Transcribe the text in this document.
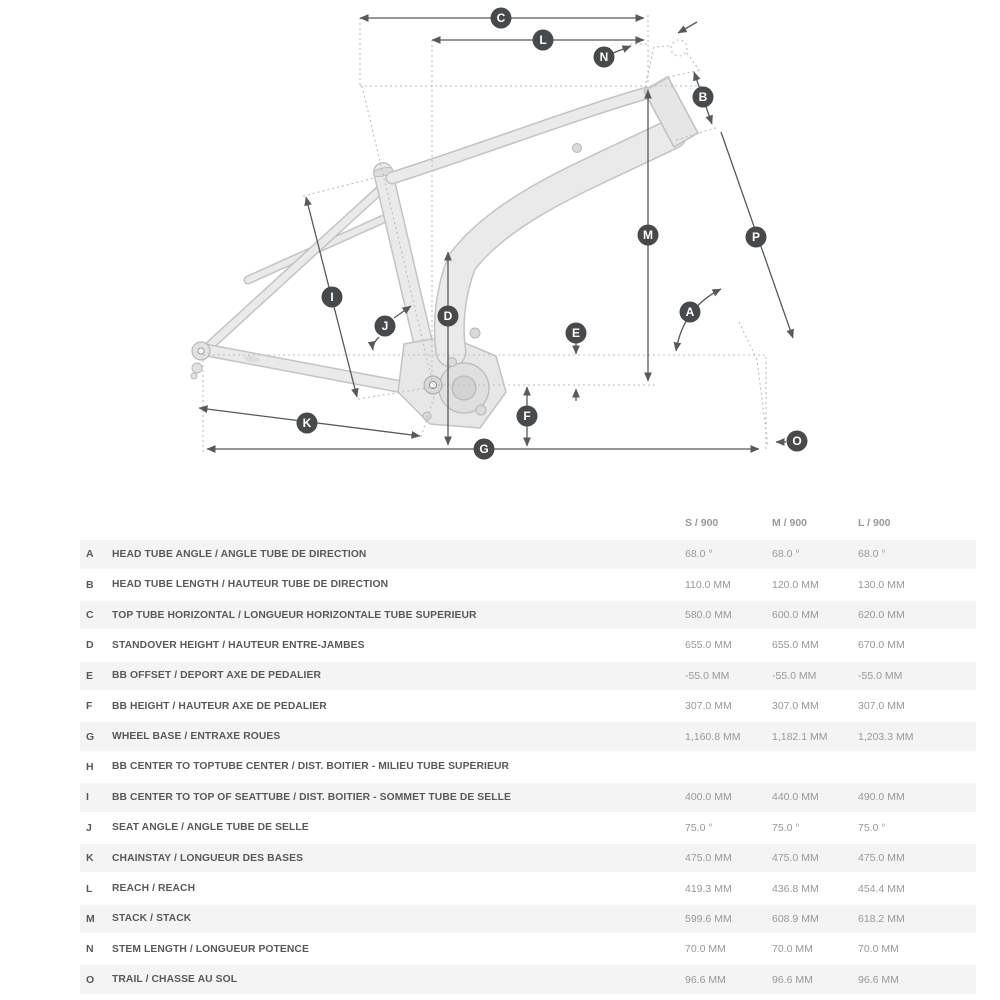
A
B
C
D
E
F
G
I
J
K
L
M
N
O
P
S / 900	M / 900	L / 900
A	HEAD TUBE ANGLE / ANGLE TUBE DE DIRECTION	68.0 °	68.0 °	68.0 °
B	HEAD TUBE LENGTH / HAUTEUR TUBE DE DIRECTION	110.0 MM	120.0 MM	130.0 MM
C	TOP TUBE HORIZONTAL / LONGUEUR HORIZONTALE TUBE SUPÉRIEUR	580.0 MM	600.0 MM	620.0 MM
D	STANDOVER HEIGHT / HAUTEUR ENTRE-JAMBES	655.0 MM	655.0 MM	670.0 MM
E	BB OFFSET / DEPORT AXE DE PÉDALIER	-55.0 MM	-55.0 MM	-55.0 MM
F	BB HEIGHT / HAUTEUR AXE DE PÉDALIER	307.0 MM	307.0 MM	307.0 MM
G	WHEEL BASE / ENTRAXE ROUES	1,160.8 MM	1,182.1 MM	1,203.3 MM
H	BB CENTER TO TOPTUBE CENTER / DIST. BOITIER - MILIEU TUBE SUPÉRIEUR
I	BB CENTER TO TOP OF SEATTUBE / DIST. BOITIER - SOMMET TUBE DE SELLE	400.0 MM	440.0 MM	490.0 MM
J	SEAT ANGLE / ANGLE TUBE DE SELLE	75.0 °	75.0 °	75.0 °
K	CHAINSTAY / LONGUEUR DES BASES	475.0 MM	475.0 MM	475.0 MM
L	REACH / REACH	419.3 MM	436.8 MM	454.4 MM
M	STACK / STACK	599.6 MM	608.9 MM	618.2 MM
N	STEM LENGTH / LONGUEUR POTENCE	70.0 MM	70.0 MM	70.0 MM
O	TRAIL / CHASSE AU SOL	96.6 MM	96.6 MM	96.6 MM
